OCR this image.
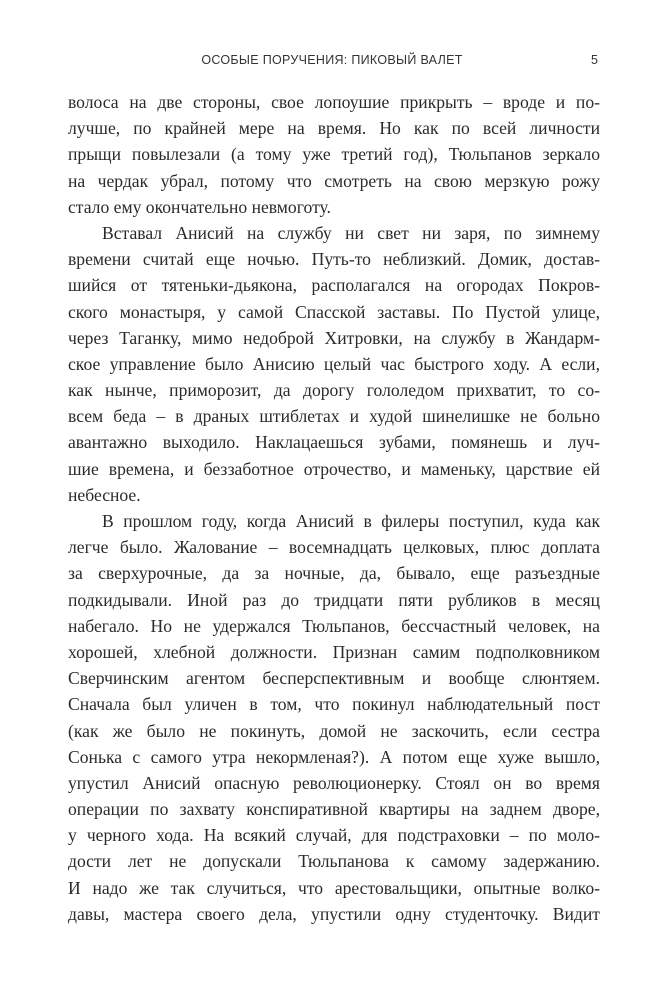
ОСОБЫЕ ПОРУЧЕНИЯ: ПИКОВЫЙ ВАЛЕТ	5
волоса на две стороны, свое лопоушие прикрыть – вроде и по-
лучше, по крайней мере на время. Но как по всей личности
прыщи повылезали (а тому уже третий год), Тюльпанов зеркало
на чердак убрал, потому что смотреть на свою мерзкую рожу
стало ему окончательно невмоготу.
Вставал Анисий на службу ни свет ни заря, по зимнему
времени считай еще ночью. Путь-то неблизкий. Домик, достав-
шийся от тятеньки-дьякона, располагался на огородах Покров-
ского монастыря, у самой Спасской заставы. По Пустой улице,
через Таганку, мимо недоброй Хитровки, на службу в Жандарм-
ское управление было Анисию целый час быстрого ходу. А если,
как нынче, приморозит, да дорогу гололедом прихватит, то со-
всем беда – в драных штиблетах и худой шинелишке не больно
авантажно выходило. Наклацаешься зубами, помянешь и луч-
шие времена, и беззаботное отрочество, и маменьку, царствие ей
небесное.
В прошлом году, когда Анисий в филеры поступил, куда как
легче было. Жалование – восемнадцать целковых, плюс доплата
за сверхурочные, да за ночные, да, бывало, еще разъездные
подкидывали. Иной раз до тридцати пяти рубликов в месяц
набегало. Но не удержался Тюльпанов, бессчастный человек, на
хорошей, хлебной должности. Признан самим подполковником
Сверчинским агентом бесперспективным и вообще слюнтяем.
Сначала был уличен в том, что покинул наблюдательный пост
(как же было не покинуть, домой не заскочить, если сестра
Сонька с самого утра некормленая?). А потом еще хуже вышло,
упустил Анисий опасную революционерку. Стоял он во время
операции по захвату конспиративной квартиры на заднем дворе,
у черного хода. На всякий случай, для подстраховки – по моло-
дости лет не допускали Тюльпанова к самому задержанию.
И надо же так случиться, что арестовальщики, опытные волко-
давы, мастера своего дела, упустили одну студенточку. Видит
